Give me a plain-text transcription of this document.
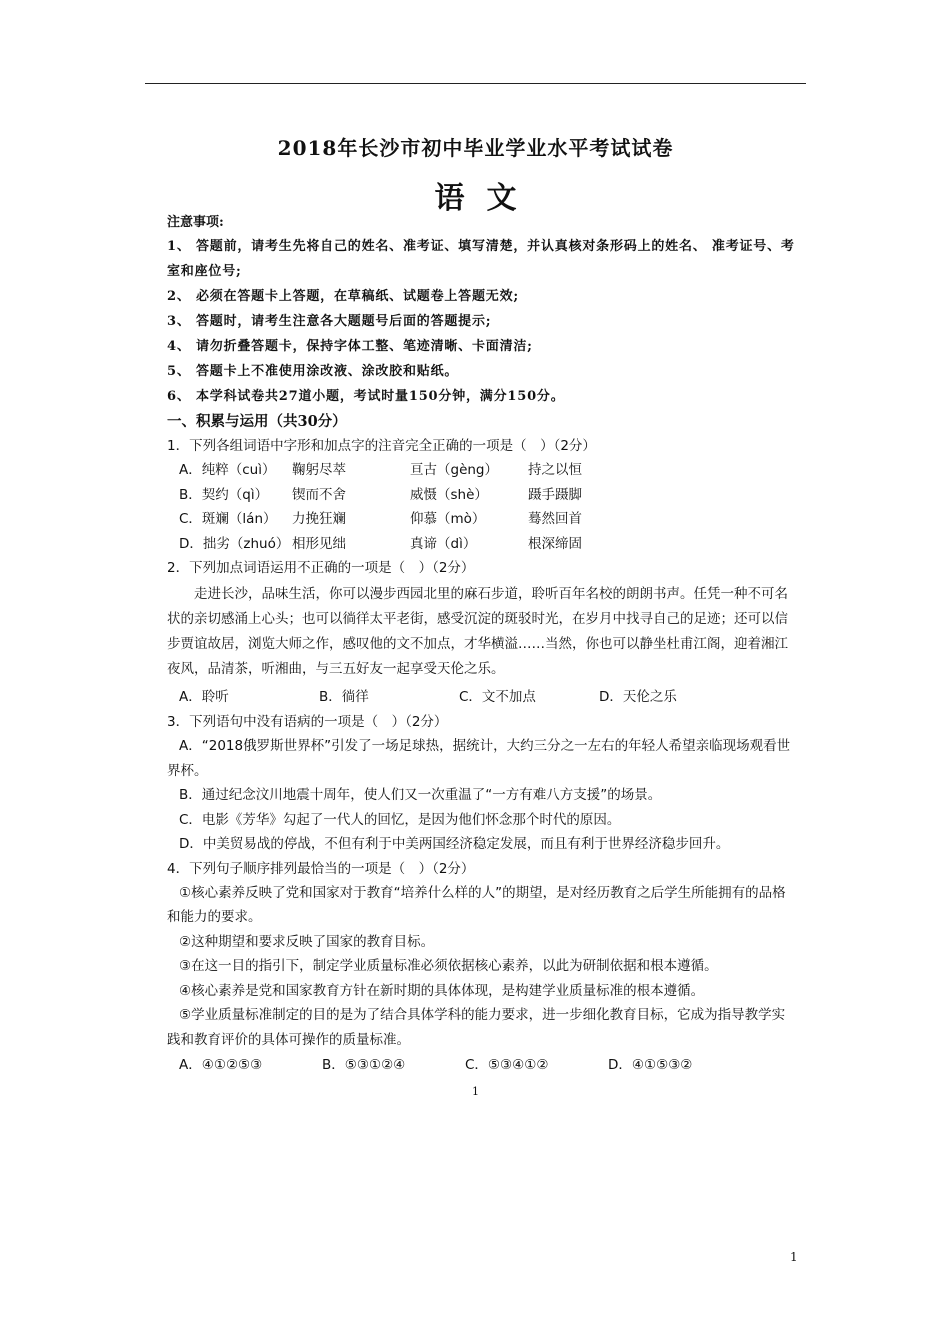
2018年长沙市初中毕业学业水平考试试卷
语文
注意事项:
1、 答题前，请考生先将自己的姓名、准考证、填写清楚，并认真核对条形码上的姓名、 准考证号、考室和座位号;
2、 必须在答题卡上答题，在草稿纸、试题卷上答题无效;
3、 答题时，请考生注意各大题题号后面的答题提示;
4、 请勿折叠答题卡，保持字体工整、笔迹清晰、卡面清洁;
5、 答题卡上不准使用涂改液、涂改胶和贴纸。
6、 本学科试卷共27道小题，考试时量150分钟，满分150分。
一、积累与运用（共30分）
1．下列各组词语中字形和加点字的注音完全正确的一项是（　）（2分）
A．纯粹（cuì）	鞠躬尽萃	亘古（gèng）	持之以恒
B．契约（qì）	锲而不舍	威慑（shè）	蹑手蹑脚
C．斑斓（lán）	力挽狂斓	仰慕（mò）	蓦然回首
D．拙劣（zhuó） 相形见绌	真谛（dì）	根深缔固
2．下列加点词语运用不正确的一项是（　）（2分）
走进长沙，品味生活，你可以漫步西园北里的麻石步道，聆听百年名校的朗朗书声。任凭一种不可名状的亲切感涌上心头；也可以徜徉太平老街，感受沉淀的斑驳时光，在岁月中找寻自己的足迹；还可以信步贾谊故居，浏览大师之作，感叹他的文不加点，才华横溢……当然，你也可以静坐杜甫江阁，迎着湘江夜风，品清茶，听湘曲，与三五好友一起享受天伦之乐。
A．聆听	B．徜徉	C．文不加点	D．天伦之乐
3．下列语句中没有语病的一项是（　）（2分）
A．“2018俄罗斯世界杯”引发了一场足球热，据统计，大约三分之一左右的年轻人希望亲临现场观看世界杯。
B．通过纪念汶川地震十周年，使人们又一次重温了“一方有难八方支援”的场景。
C．电影《芳华》勾起了一代人的回忆，是因为他们怀念那个时代的原因。
D．中美贸易战的停战，不但有利于中美两国经济稳定发展，而且有利于世界经济稳步回升。
4．下列句子顺序排列最恰当的一项是（　）（2分）
①核心素养反映了党和国家对于教育“培养什么样的人”的期望，是对经历教育之后学生所能拥有的品格和能力的要求。
②这种期望和要求反映了国家的教育目标。
③在这一目的指引下，制定学业质量标准必须依据核心素养，以此为研制依据和根本遵循。
④核心素养是党和国家教育方针在新时期的具体体现，是构建学业质量标准的根本遵循。
⑤学业质量标准制定的目的是为了结合具体学科的能力要求，进一步细化教育目标，它成为指导教学实践和教育评价的具体可操作的质量标准。
A．④①②⑤③	B．⑤③①②④	C．⑤③④①②	D．④①⑤③②
1
1
